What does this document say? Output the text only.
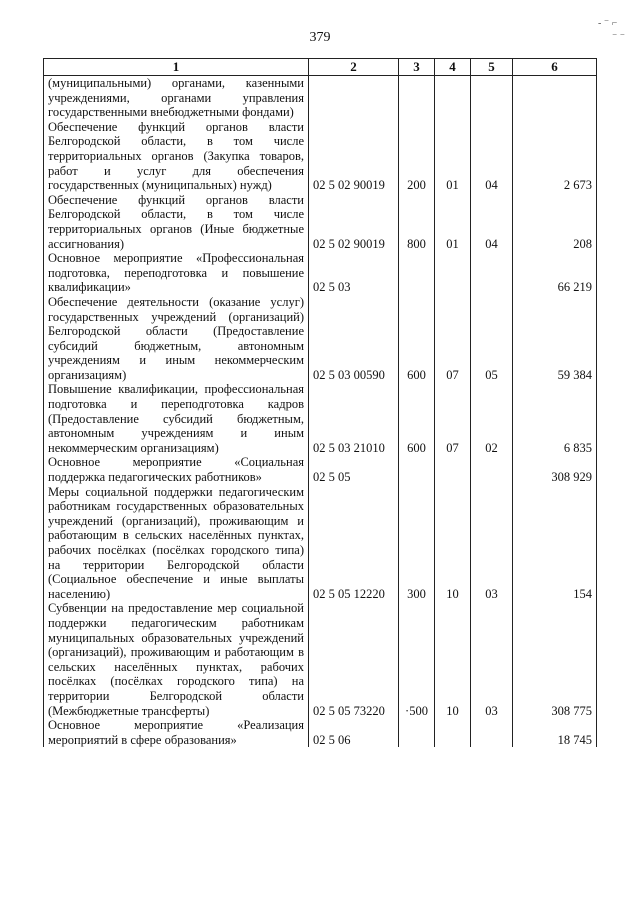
379
- ⁻ ⌐
⁻ ⁻
1	2	3	4	5	6
(муниципальными) органами, казенными учреждениями, органами управления государственными внебюджетными фондами)					
Обеспечение функций органов власти Белгородской области, в том числе территориальных органов (Закупка товаров, работ и услуг для обеспечения государственных (муниципальных) нужд)	02 5 02 90019	200	01	04	2 673
Обеспечение функций органов власти Белгородской области, в том числе территориальных органов (Иные бюджетные ассигнования)	02 5 02 90019	800	01	04	208
Основное мероприятие «Профессиональная подготовка, переподготовка и повышение квалификации»	02 5 03				66 219
Обеспечение деятельности (оказание услуг) государственных учреждений (организаций) Белгородской области (Предоставление субсидий бюджетным, автономным учреждениям и иным некоммерческим организациям)	02 5 03 00590	600	07	05	59 384
Повышение квалификации, профессиональная подготовка и переподготовка кадров (Предоставление субсидий бюджетным, автономным учреждениям и иным некоммерческим организациям)	02 5 03 21010	600	07	02	6 835
Основное мероприятие «Социальная поддержка педагогических работников»	02 5 05				308 929
Меры социальной поддержки педагогическим работникам государственных образовательных учреждений (организаций), проживающим и работающим в сельских населённых пунктах, рабочих посёлках (посёлках городского типа) на территории Белгородской области (Социальное обеспечение и иные выплаты населению)	02 5 05 12220	300	10	03	154
Субвенции на предоставление мер социальной поддержки педагогическим работникам муниципальных образовательных учреждений (организаций), проживающим и работающим в сельских населённых пунктах, рабочих посёлках (посёлках городского типа) на территории Белгородской области (Межбюджетные трансферты)	02 5 05 73220	·500	10	03	308 775
Основное мероприятие «Реализация мероприятий в сфере образования»	02 5 06				18 745
